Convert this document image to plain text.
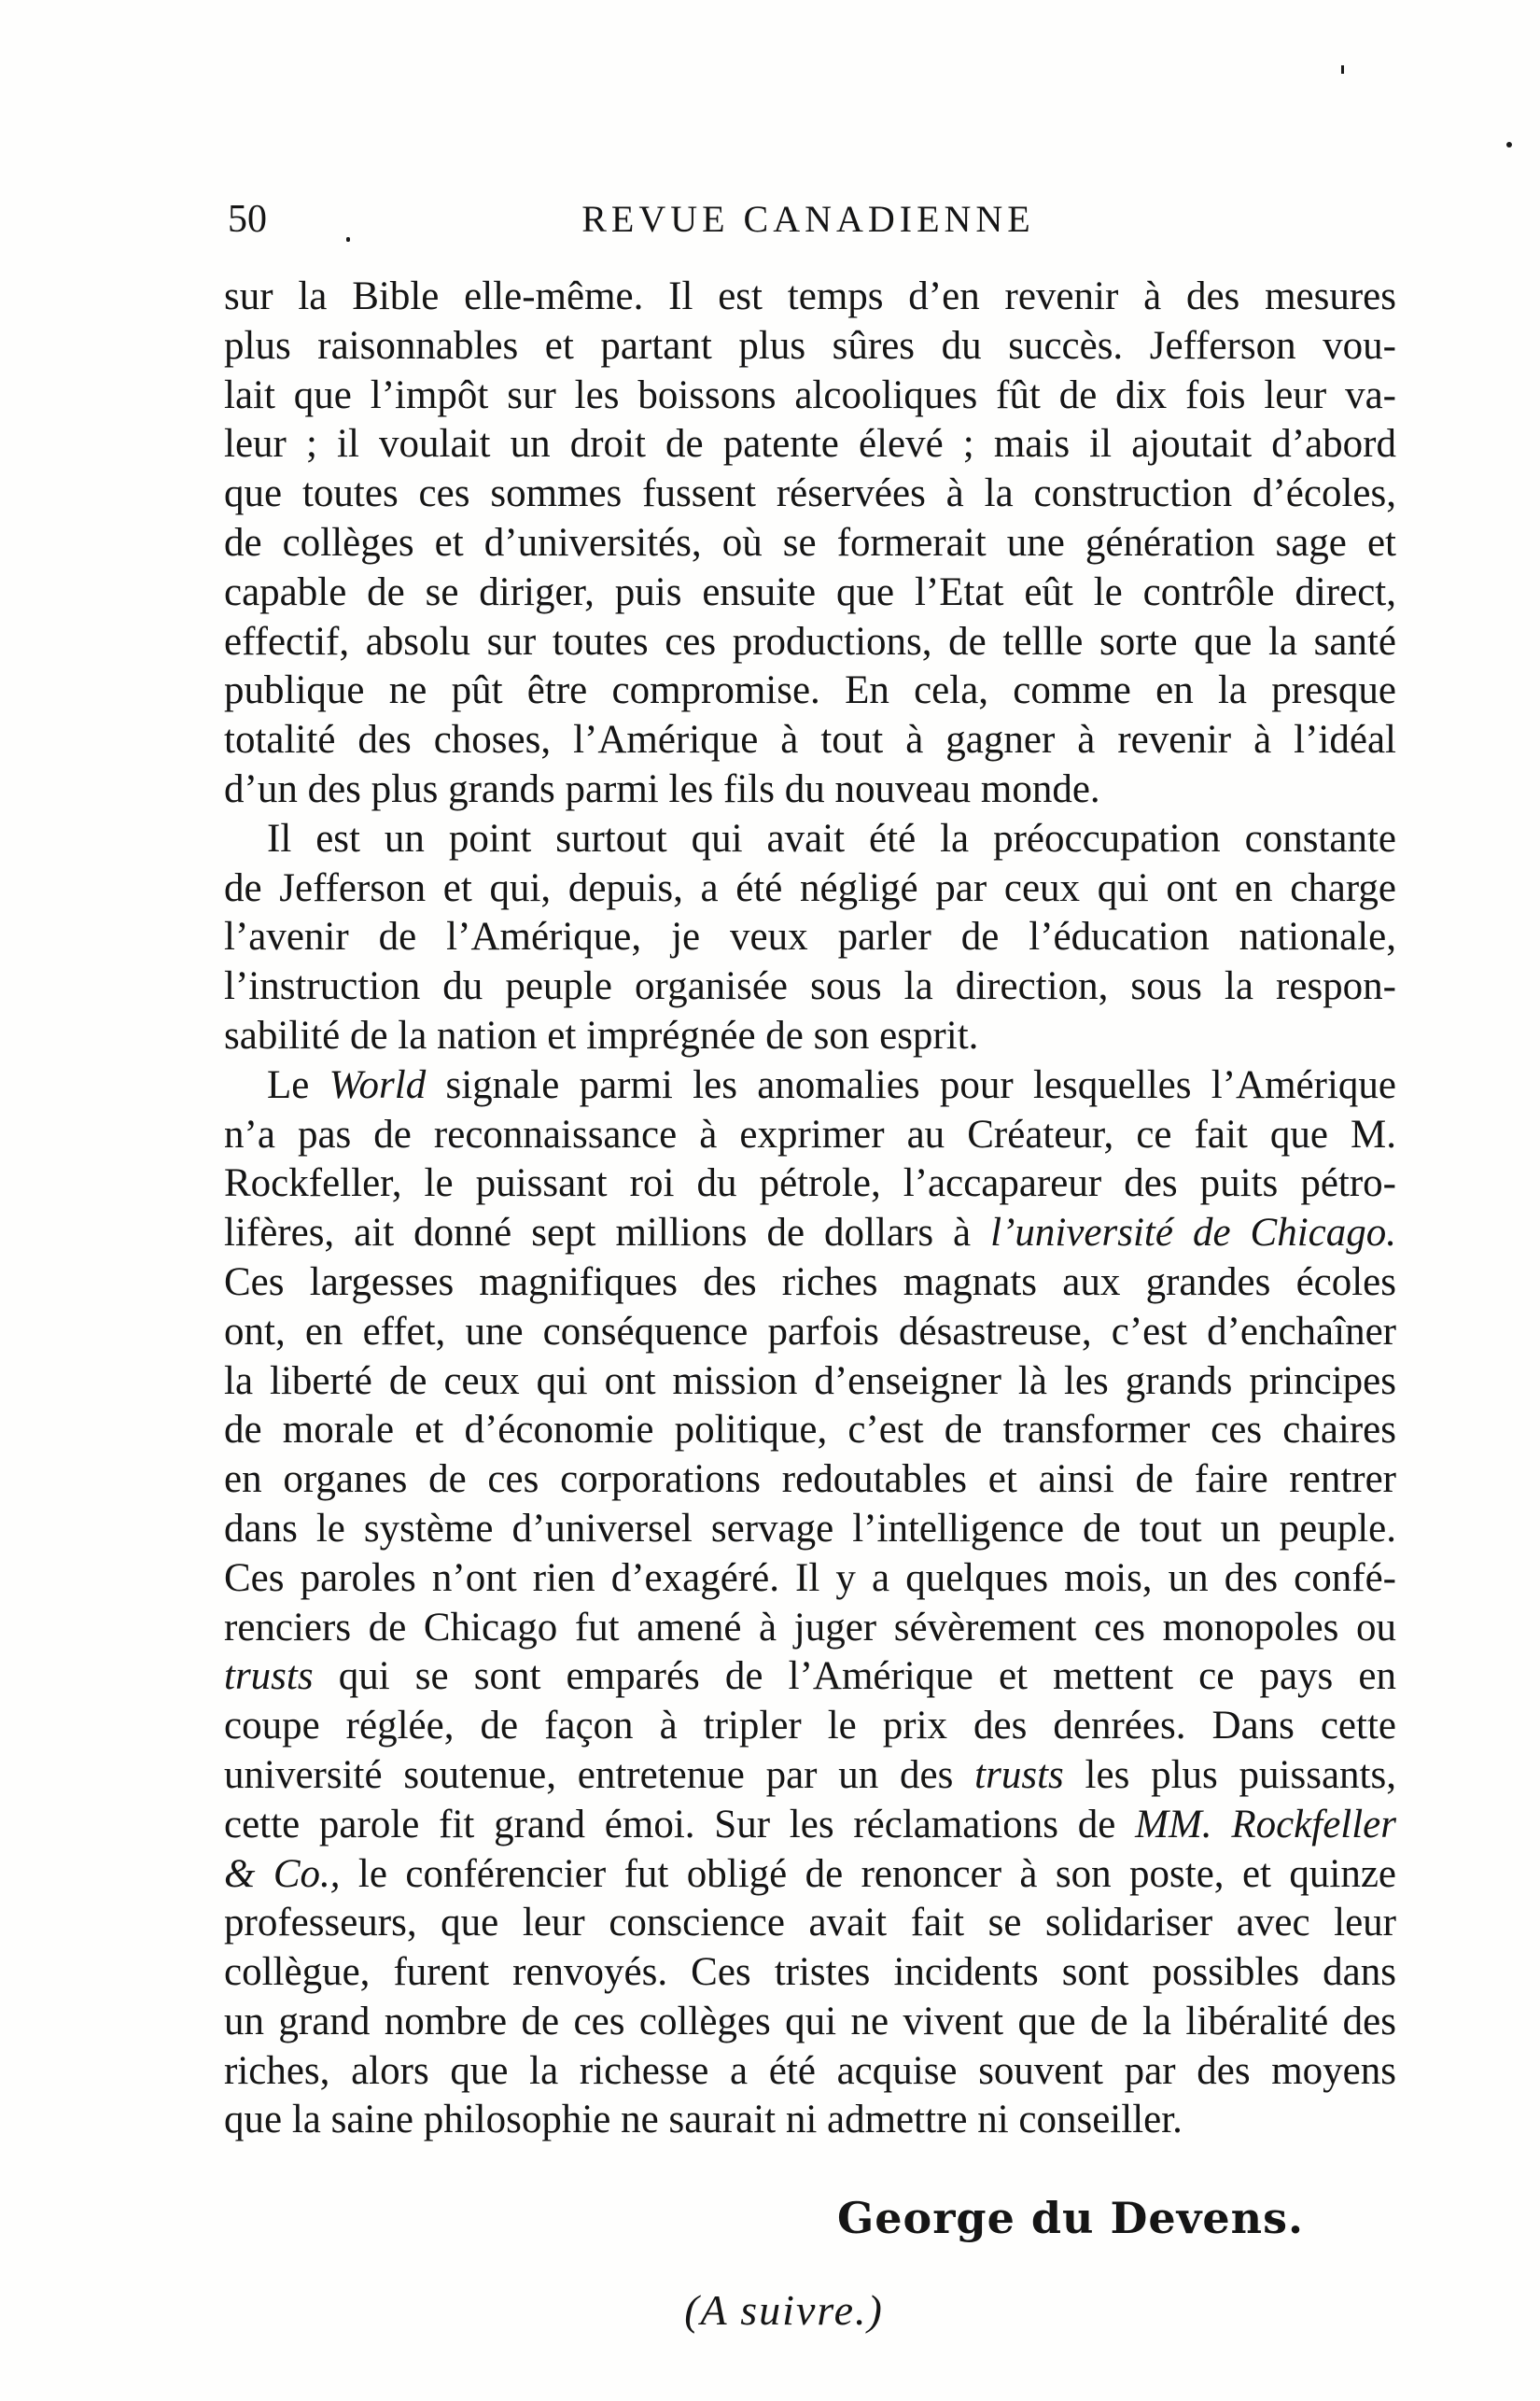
50	REVUE CANADIENNE
sur la Bible elle-même. Il est temps d’en revenir à des mesures
plus raisonnables et partant plus sûres du succès. Jefferson vou-
lait que l’impôt sur les boissons alcooliques fût de dix fois leur va-
leur ; il voulait un droit de patente élevé ; mais il ajoutait d’abord
que toutes ces sommes fussent réservées à la construction d’écoles,
de collèges et d’universités, où se formerait une génération sage et
capable de se diriger, puis ensuite que l’Etat eût le contrôle direct,
effectif, absolu sur toutes ces productions, de tellle sorte que la santé
publique ne pût être compromise. En cela, comme en la presque
totalité des choses, l’Amérique à tout à gagner à revenir à l’idéal
d’un des plus grands parmi les fils du nouveau monde.
Il est un point surtout qui avait été la préoccupation constante
de Jefferson et qui, depuis, a été négligé par ceux qui ont en charge
l’avenir de l’Amérique, je veux parler de l’éducation nationale,
l’instruction du peuple organisée sous la direction, sous la respon-
sabilité de la nation et imprégnée de son esprit.
Le World signale parmi les anomalies pour lesquelles l’Amérique
n’a pas de reconnaissance à exprimer au Créateur, ce fait que M.
Rockfeller, le puissant roi du pétrole, l’accapareur des puits pétro-
lifères, ait donné sept millions de dollars à l’université de Chicago.
Ces largesses magnifiques des riches magnats aux grandes écoles
ont, en effet, une conséquence parfois désastreuse, c’est d’enchaîner
la liberté de ceux qui ont mission d’enseigner là les grands principes
de morale et d’économie politique, c’est de transformer ces chaires
en organes de ces corporations redoutables et ainsi de faire rentrer
dans le système d’universel servage l’intelligence de tout un peuple.
Ces paroles n’ont rien d’exagéré. Il y a quelques mois, un des confé-
renciers de Chicago fut amené à juger sévèrement ces monopoles ou
trusts qui se sont emparés de l’Amérique et mettent ce pays en
coupe réglée, de façon à tripler le prix des denrées. Dans cette
université soutenue, entretenue par un des trusts les plus puissants,
cette parole fit grand émoi. Sur les réclamations de MM. Rockfeller
& Co., le conférencier fut obligé de renoncer à son poste, et quinze
professeurs, que leur conscience avait fait se solidariser avec leur
collègue, furent renvoyés. Ces tristes incidents sont possibles dans
un grand nombre de ces collèges qui ne vivent que de la libéralité des
riches, alors que la richesse a été acquise souvent par des moyens
que la saine philosophie ne saurait ni admettre ni conseiller.
George du Devens.
(A suivre.)
